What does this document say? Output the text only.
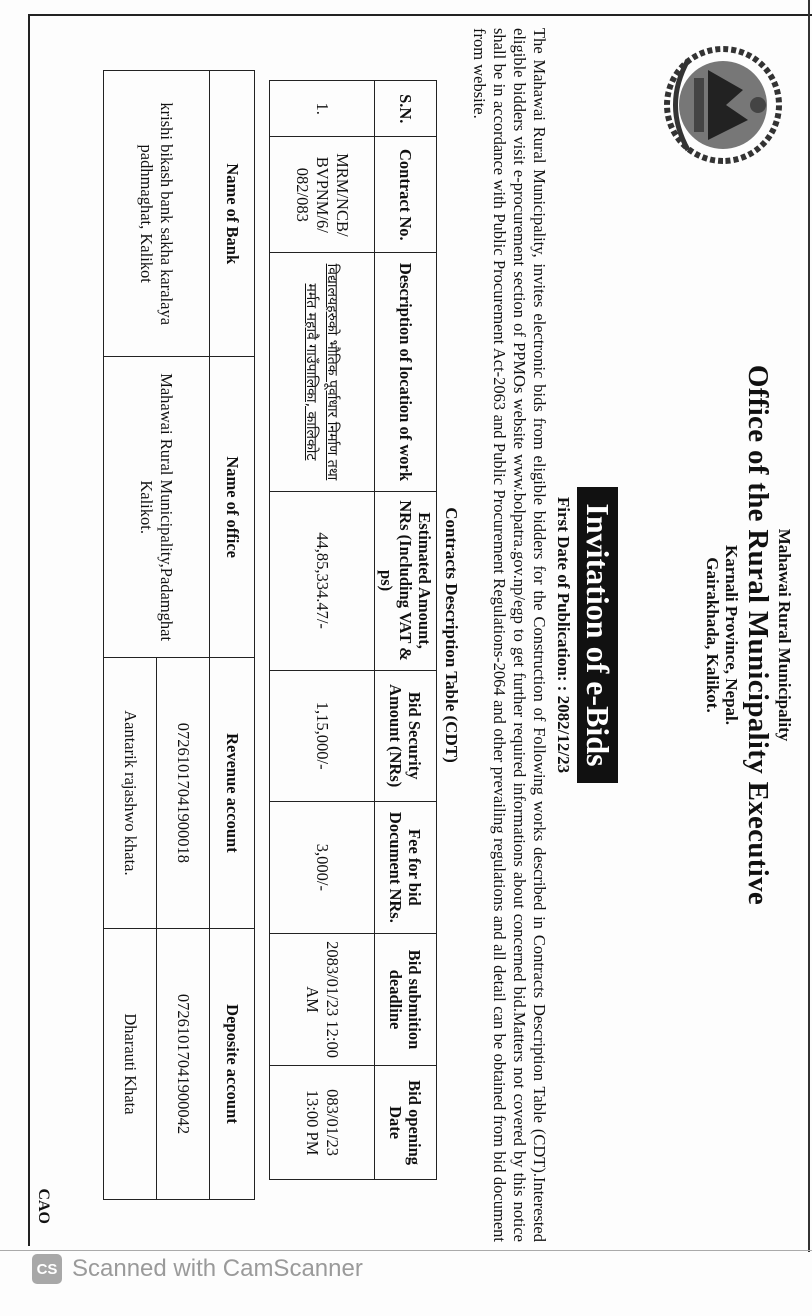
Mahawai Rural Municipality
Office of the Rural Municipality Executive
Karnali Province, Nepal.
Gairakhada, Kalikot.
Invitation of e-Bids
First Date of Publication: : 2082/12/23
The Mahawai Rural Municipality, invites electronic bids from eligible bidders for the Construction of Following works described in Contracts Description Table (CDT).Interested eligible bidders visit e-procurement section of PPMOs website www.bolpatra.gov.np/egp to get further required informations about concerned bid.Matters not covered by this notice shall be in accordance with Public Procurement Act-2063 and Public Procurement Regulations-2064 and other prevailing regulations and all detail can be obtained from bid document from website.
Contracts Description Table (CDT)
S.N.	Contract No.	Description of location of work	Estimated Amount, NRs (Including VAT & ps)	Bid Security Amount (NRs)	Fee for bid Document NRs.	Bid submition deadline	Bid opening Date
1.	MRM/NCB/ BVPNM/6/ 082/083	विद्यालयहरुको भौतिक पूर्वाधार निर्माण तथा मर्मत महावै गाउँपालिका, कालिकोट	44,85,334.47/-	1,15,000/-	3,000/-	2083/01/23 12:00 AM	083/01/23 13:00 PM
Name of Bank	Name of office	Revenue account	Deposite account
krishi bikash bank sakha karalaya padhmaghat, Kalikot	Mahawai Rural Municipality,Padamghat Kalikot.	07261017041900018	07261017041900042
		Aantarik rajashwo khata.	Dharauti Khata
CAO
CS Scanned with CamScanner
